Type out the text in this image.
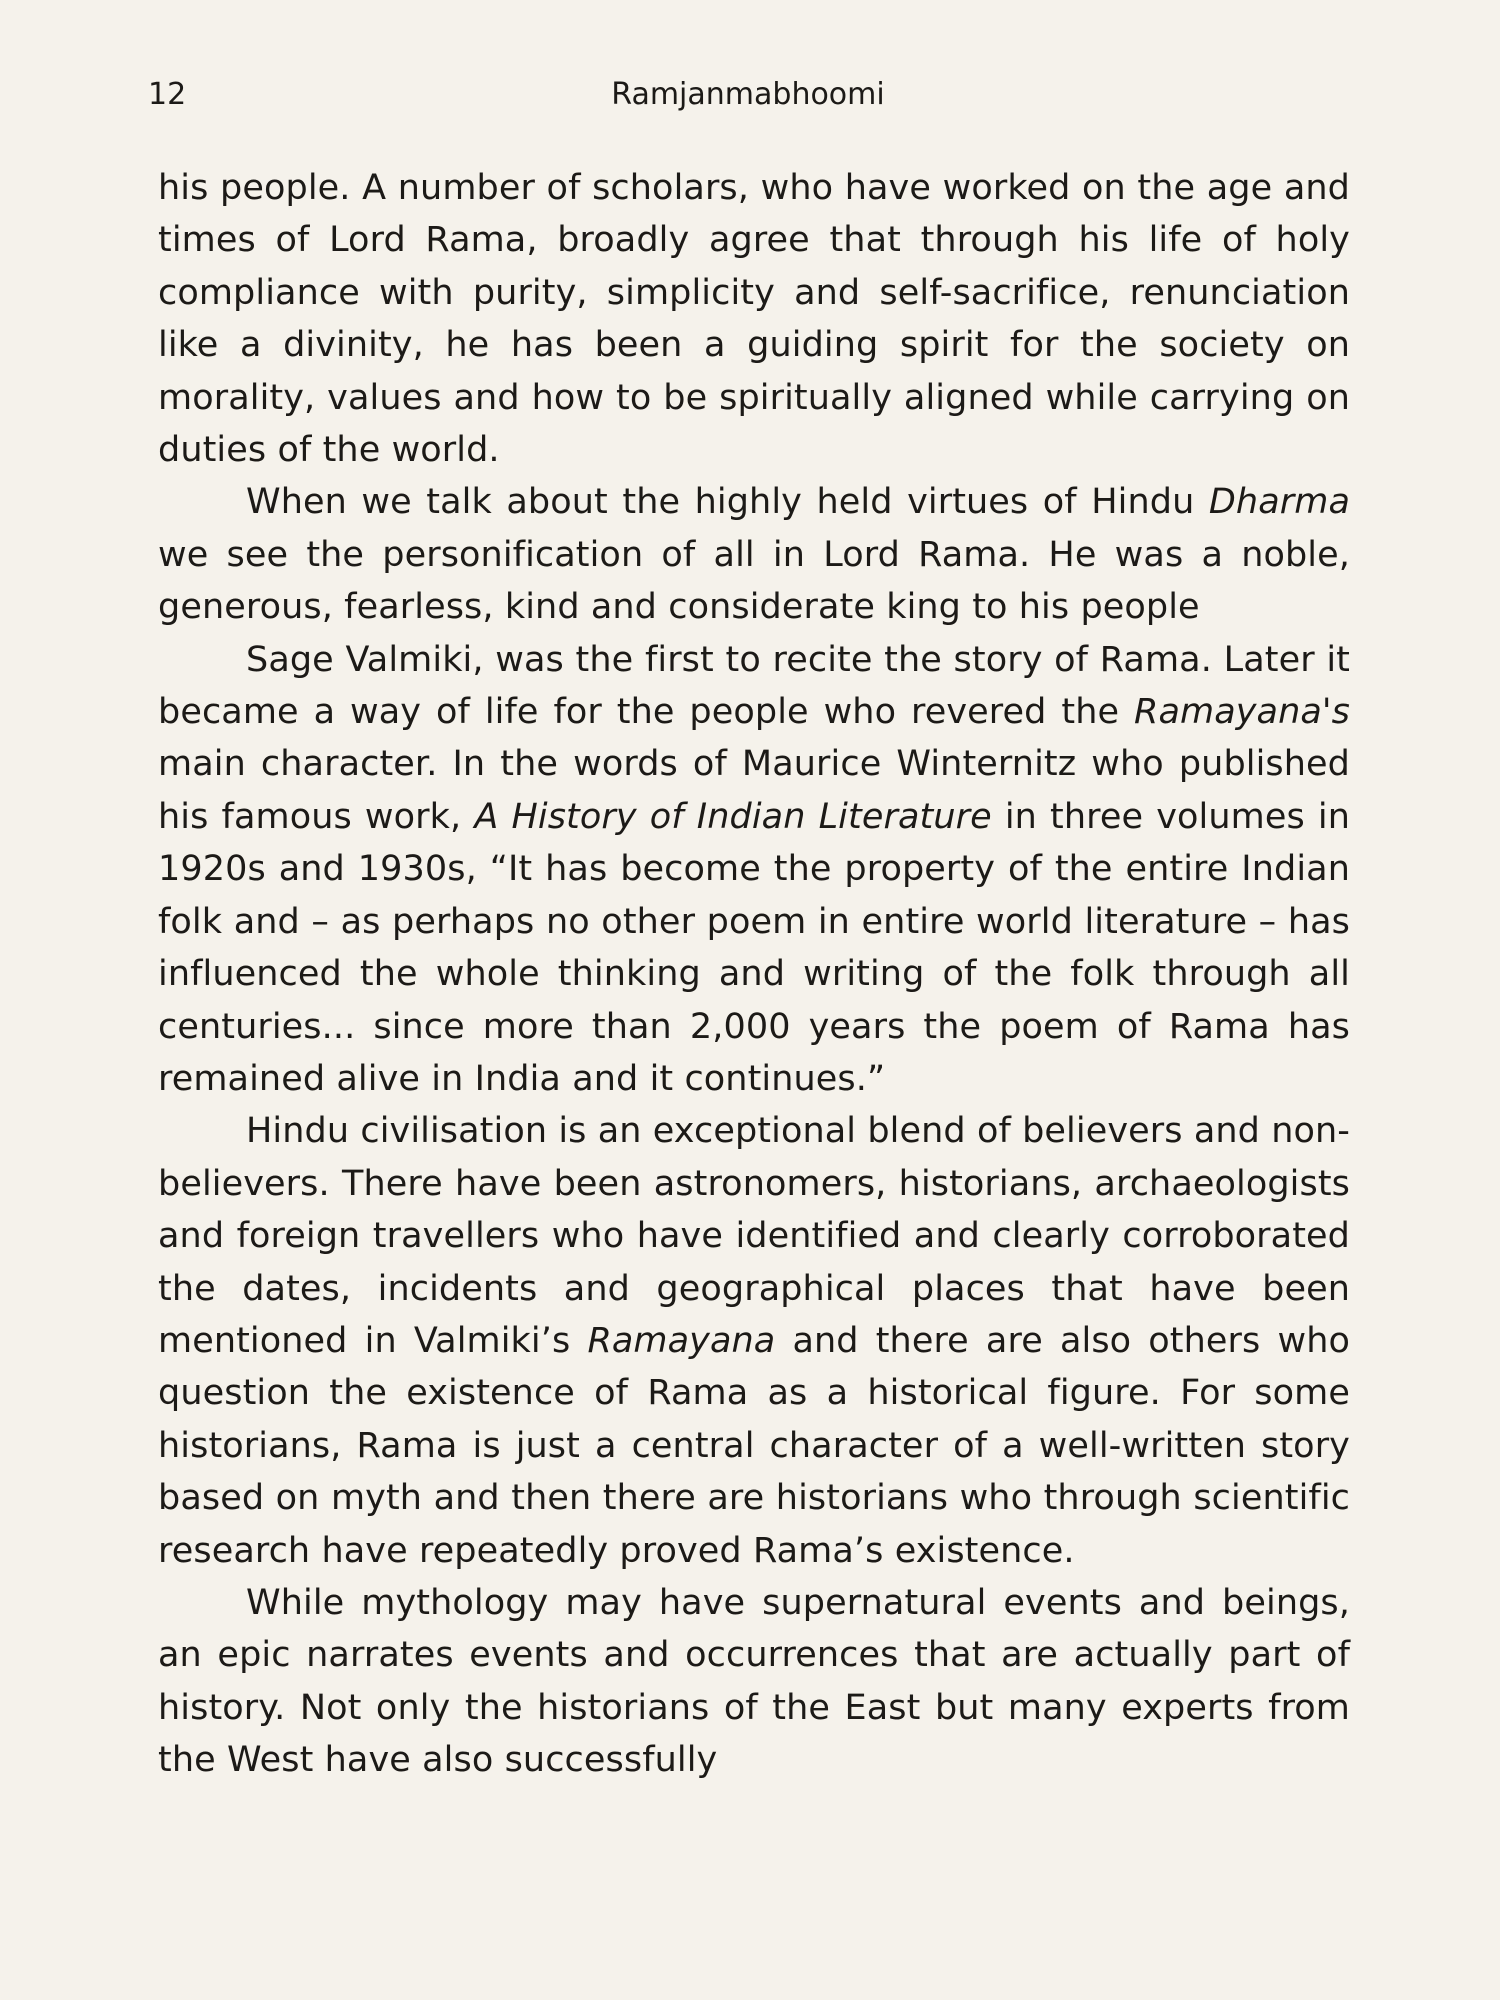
12	Ramjanmabhoomi

his people. A number of scholars, who have worked on the age and times of Lord Rama, broadly agree that through his life of holy compliance with purity, simplicity and self-sacrifice, renunciation like a divinity, he has been a guiding spirit for the society on morality, values and how to be spiritually aligned while carrying on duties of the world.

When we talk about the highly held virtues of Hindu Dharma we see the personification of all in Lord Rama. He was a noble, generous, fearless, kind and considerate king to his people

Sage Valmiki, was the first to recite the story of Rama. Later it became a way of life for the people who revered the Ramayana's main character. In the words of Maurice Winternitz who published his famous work, A History of Indian Literature in three volumes in 1920s and 1930s, “It has become the property of the entire Indian folk and – as perhaps no other poem in entire world literature – has influenced the whole thinking and writing of the folk through all centuries... since more than 2,000 years the poem of Rama has remained alive in India and it continues.”

Hindu civilisation is an exceptional blend of believers and non-believers. There have been astronomers, historians, archaeologists and foreign travellers who have identified and clearly corroborated the dates, incidents and geographical places that have been mentioned in Valmiki’s Ramayana and there are also others who question the existence of Rama as a historical figure. For some historians, Rama is just a central character of a well-written story based on myth and then there are historians who through scientific research have repeatedly proved Rama’s existence.

While mythology may have supernatural events and beings, an epic narrates events and occurrences that are actually part of history. Not only the historians of the East but many experts from the West have also successfully
